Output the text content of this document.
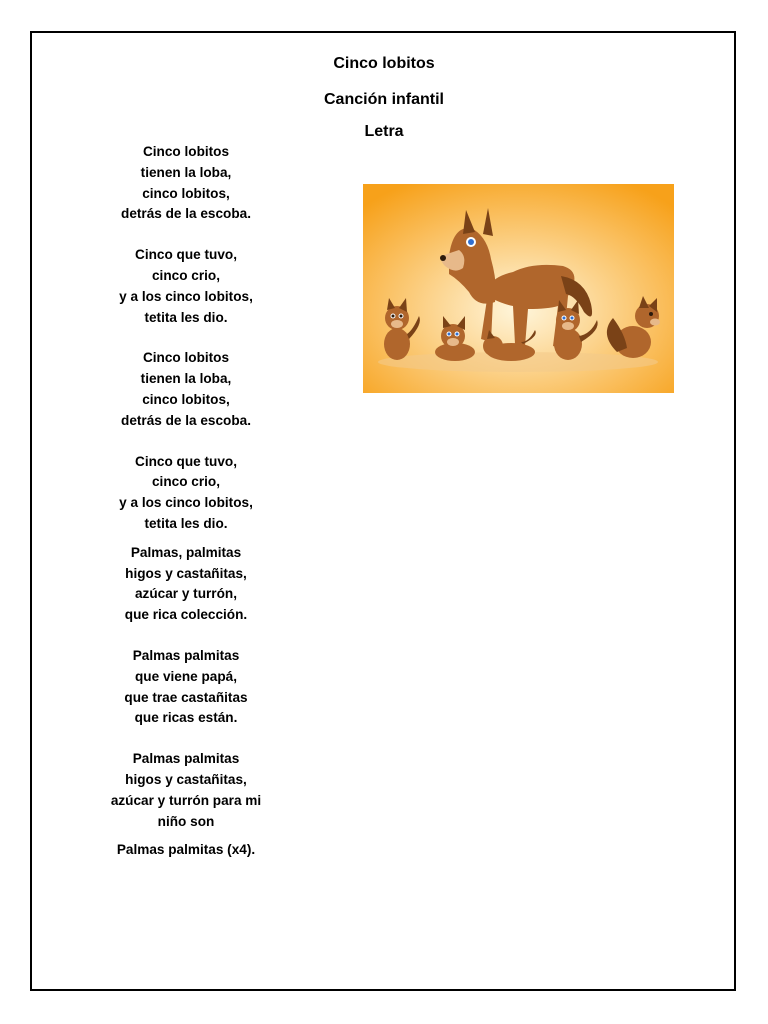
Cinco lobitos
Canción infantil
Letra

Cinco lobitos
tienen la loba,
cinco lobitos,
detrás de la escoba.

Cinco que tuvo,
cinco crio,
y a los cinco lobitos,
tetita les dio.

Cinco lobitos
tienen la loba,
cinco lobitos,
detrás de la escoba.

Cinco que tuvo,
cinco crio,
y a los cinco lobitos,
tetita les dio.

Palmas, palmitas
higos y castañitas,
azúcar y turrón,
que rica colección.

Palmas palmitas
que viene papá,
que trae castañitas
que ricas están.

Palmas palmitas
higos y castañitas,
azúcar y turrón para mi
niño son

Palmas palmitas (x4).
